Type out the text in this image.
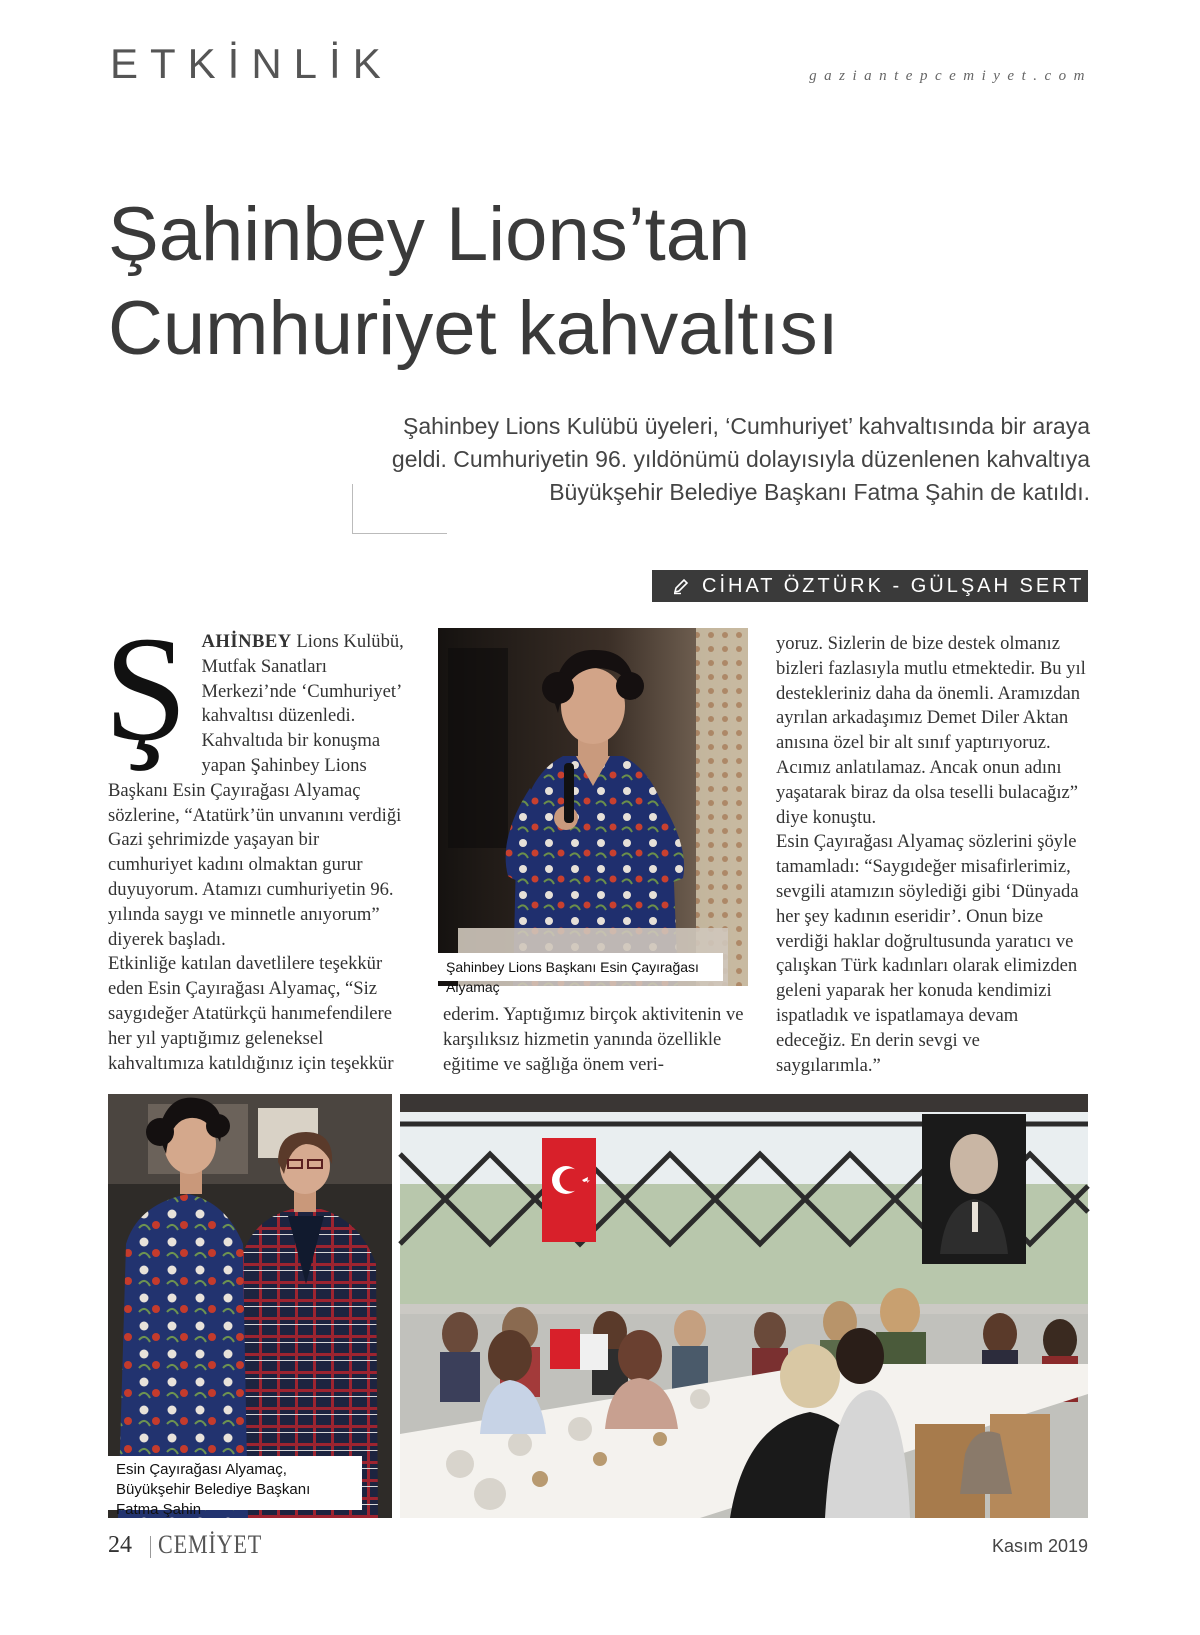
ETKİNLİK	gaziantepcemiyet.com
Şahinbey Lions’tan
Cumhuriyet kahvaltısı
Şahinbey Lions Kulübü üyeleri, ‘Cumhuriyet’ kahvaltısında bir araya geldi. Cumhuriyetin 96. yıldönümü dolayısıyla düzenlenen kahvaltıya Büyükşehir Belediye Başkanı Fatma Şahin de katıldı.
CİHAT ÖZTÜRK - GÜLŞAH SERT
Ş AHİNBEY Lions Kulübü, Mutfak Sanatları Merkezi’nde ‘Cumhuriyet’ kahvaltısı düzenledi. Kahvaltıda bir konuşma yapan Şahinbey Lions Başkanı Esin Çayırağası Alyamaç sözlerine, “Atatürk’ün unvanını verdiği Gazi şehrimizde yaşayan bir cumhuriyet kadını olmaktan gurur duyuyorum. Atamızı cumhuriyetin 96. yılında saygı ve minnetle anıyorum” diyerek başladı.

Etkinliğe katılan davetlilere teşekkür eden Esin Çayırağası Alyamaç, “Siz saygıdeğer Atatürkçü hanımefendilere her yıl yaptığımız geleneksel kahvaltımıza katıldığınız için teşekkür

Şahinbey Lions Başkanı Esin Çayırağası Alyamaç

ederim. Yaptığımız birçok aktivitenin ve karşılıksız hizmetin yanında özellikle eğitime ve sağlığa önem veri-

yoruz. Sizlerin de bize destek olmanız bizleri fazlasıyla mutlu etmektedir. Bu yıl destekleriniz daha da önemli. Aramızdan ayrılan arkadaşımız Demet Diler Aktan anısına özel bir alt sınıf yaptırıyoruz. Acımız anlatılamaz. Ancak onun adını yaşatarak biraz da olsa teselli bulacağız” diye konuştu.

Esin Çayırağası Alyamaç sözlerini şöyle tamamladı: “Saygıdeğer misafirlerimiz, sevgili atamızın söylediği gibi ‘Dünyada her şey kadının eseridir’. Onun bize verdiği haklar doğrultusunda yaratıcı ve çalışkan Türk kadınları olarak elimizden geleni yaparak her konuda kendimizi ispatladık ve ispatlamaya devam edeceğiz. En derin sevgi ve saygılarımla.”

Esin Çayırağası Alyamaç,
Büyükşehir Belediye Başkanı Fatma Şahin
24 CEMİYET	Kasım 2019
